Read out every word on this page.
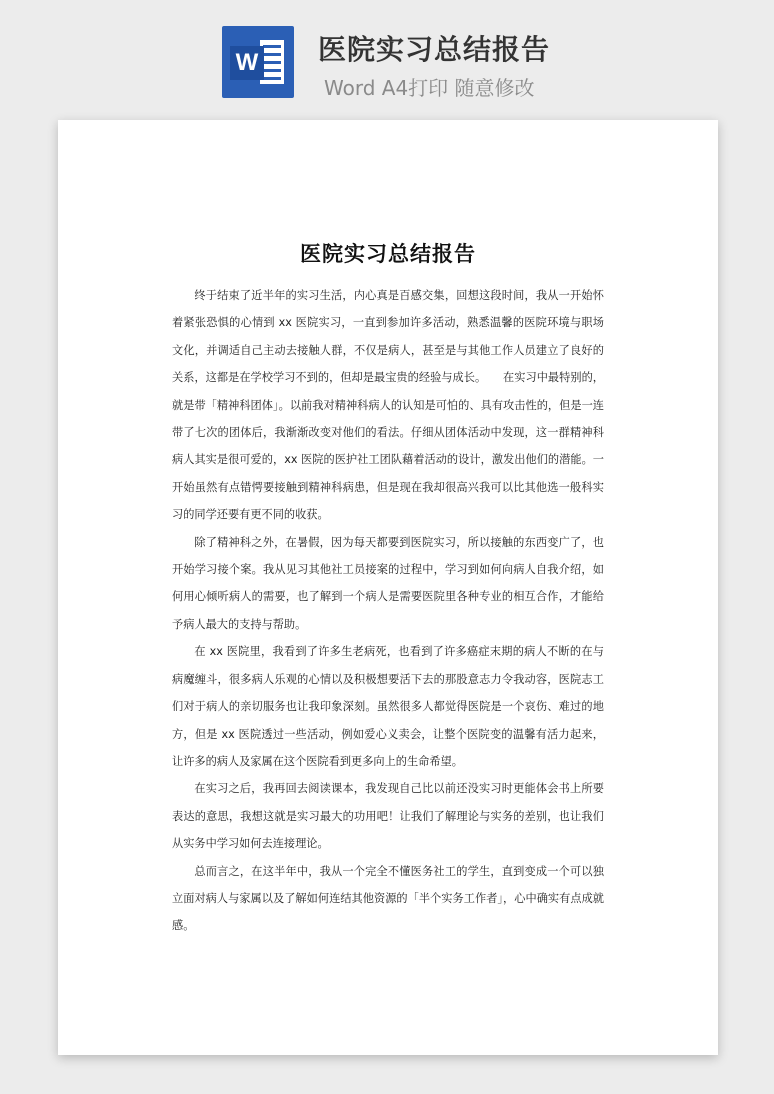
W 医院实习总结报告
Word A4打印 随意修改
医院实习总结报告

终于结束了近半年的实习生活，内心真是百感交集，回想这段时间，我从一开始怀着紧张恐惧的心情到 xx 医院实习，一直到参加许多活动，熟悉温馨的医院环境与职场文化，并调适自己主动去接触人群，不仅是病人，甚至是与其他工作人员建立了良好的关系，这都是在学校学习不到的，但却是最宝贵的经验与成长。　　在实习中最特别的，就是带「精神科团体」。以前我对精神科病人的认知是可怕的、具有攻击性的，但是一连带了七次的团体后，我渐渐改变对他们的看法。仔细从团体活动中发现，这一群精神科病人其实是很可爱的，xx 医院的医护社工团队藉着活动的设计，激发出他们的潜能。一开始虽然有点错愕要接触到精神科病患，但是现在我却很高兴我可以比其他选一般科实习的同学还要有更不同的收获。

除了精神科之外，在暑假，因为每天都要到医院实习，所以接触的东西变广了，也开始学习接个案。我从见习其他社工员接案的过程中，学习到如何向病人自我介绍，如何用心倾听病人的需要，也了解到一个病人是需要医院里各种专业的相互合作，才能给予病人最大的支持与帮助。

在 xx 医院里，我看到了许多生老病死，也看到了许多癌症末期的病人不断的在与病魔缠斗，很多病人乐观的心情以及积极想要活下去的那股意志力令我动容，医院志工们对于病人的亲切服务也让我印象深刻。虽然很多人都觉得医院是一个哀伤、难过的地方，但是 xx 医院透过一些活动，例如爱心义卖会，让整个医院变的温馨有活力起来，让许多的病人及家属在这个医院看到更多向上的生命希望。

在实习之后，我再回去阅读课本，我发现自己比以前还没实习时更能体会书上所要表达的意思，我想这就是实习最大的功用吧！让我们了解理论与实务的差别，也让我们从实务中学习如何去连接理论。

总而言之，在这半年中，我从一个完全不懂医务社工的学生，直到变成一个可以独立面对病人与家属以及了解如何连结其他资源的「半个实务工作者」，心中确实有点成就感。
